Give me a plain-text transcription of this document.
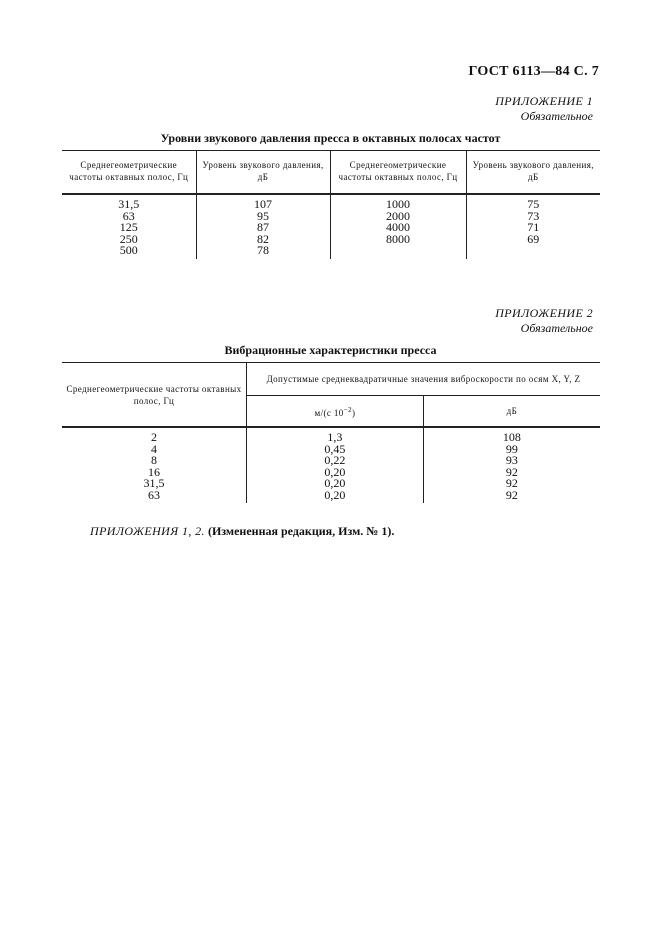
ГОСТ 6113—84 С. 7
ПРИЛОЖЕНИЕ 1
Обязательное
Уровни звукового давления пресса в октавных полосах частот
Среднегеометрические частоты октавных полос, Гц	Уровень звукового давления, дБ	Среднегеометрические частоты октавных полос, Гц	Уровень звукового давления, дБ
31,5	107	1000	75
63	95	2000	73
125	87	4000	71
250	82	8000	69
500	78		
ПРИЛОЖЕНИЕ 2
Обязательное
Вибрационные характеристики пресса
Среднегеометрические частоты октавных полос, Гц	Допустимые среднеквадратичные значения виброскорости по осям X, Y, Z	
	м/(с $10^{-2}$)	дБ
2	1,3	108
4	0,45	99
8	0,22	93
16	0,20	92
31,5	0,20	92
63	0,20	92
ПРИЛОЖЕНИЯ 1, 2. (Измененная редакция, Изм. № 1).
